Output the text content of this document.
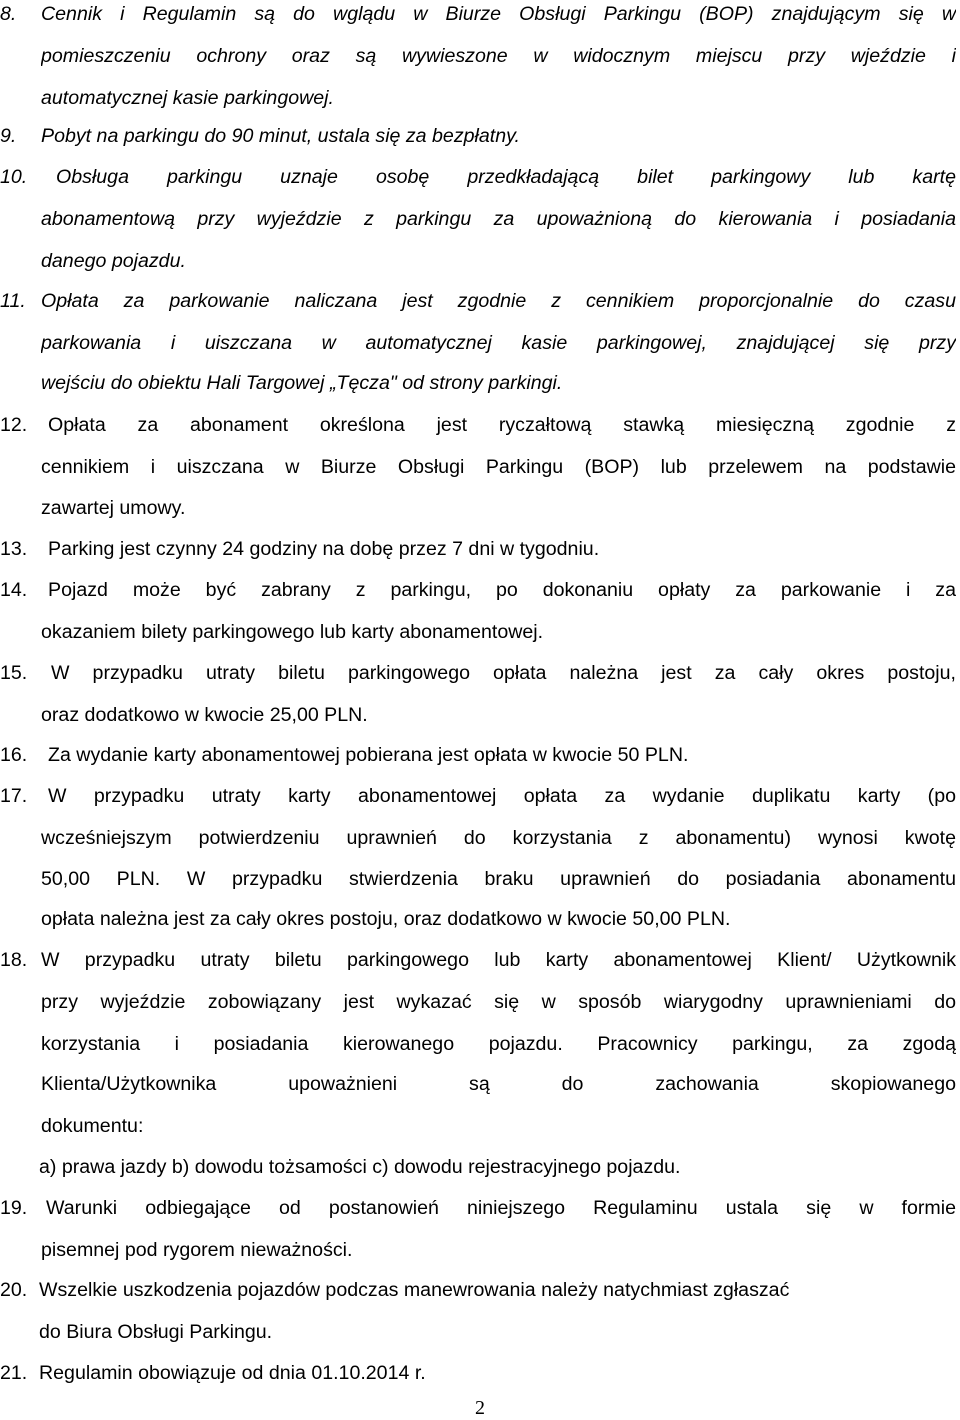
8. Cennik i Regulamin są do wglądu w Biurze Obsługi Parkingu (BOP) znajdującym się w
pomieszczeniu ochrony oraz są wywieszone w widocznym miejscu przy wjeździe i
automatycznej kasie parkingowej.
9. Pobyt na parkingu do 90 minut, ustala się za bezpłatny.
10. Obsługa parkingu uznaje osobę przedkładającą bilet parkingowy lub kartę
abonamentową przy wyjeździe z parkingu za upoważnioną do kierowania i posiadania
danego pojazdu.
11. Opłata za parkowanie naliczana jest zgodnie z cennikiem proporcjonalnie do czasu
parkowania i uiszczana w automatycznej kasie parkingowej, znajdującej się przy
wejściu do obiektu Hali Targowej „Tęcza" od strony parkingi.
12. Opłata za abonament określona jest ryczałtową stawką miesięczną zgodnie z
cennikiem i uiszczana w Biurze Obsługi Parkingu (BOP) lub przelewem na podstawie
zawartej umowy.
13. Parking jest czynny 24 godziny na dobę przez 7 dni w tygodniu.
14. Pojazd może być zabrany z parkingu, po dokonaniu opłaty za parkowanie i za
okazaniem bilety parkingowego lub karty abonamentowej.
15. W przypadku utraty biletu parkingowego opłata należna jest za cały okres postoju,
oraz dodatkowo w kwocie 25,00 PLN.
16. Za wydanie karty abonamentowej pobierana jest opłata w kwocie 50 PLN.
17. W przypadku utraty karty abonamentowej opłata za wydanie duplikatu karty (po
wcześniejszym potwierdzeniu uprawnień do korzystania z abonamentu) wynosi kwotę
50,00 PLN. W przypadku stwierdzenia braku uprawnień do posiadania abonamentu
opłata należna jest za cały okres postoju, oraz dodatkowo w kwocie 50,00 PLN.
18. W przypadku utraty biletu parkingowego lub karty abonamentowej Klient/ Użytkownik
przy wyjeździe zobowiązany jest wykazać się w sposób wiarygodny uprawnieniami do
korzystania i posiadania kierowanego pojazdu. Pracownicy parkingu, za zgodą
Klienta/Użytkownika upoważnieni są do zachowania skopiowanego
dokumentu:
a) prawa jazdy b) dowodu tożsamości c) dowodu rejestracyjnego pojazdu.
19. Warunki odbiegające od postanowień niniejszego Regulaminu ustala się w formie
pisemnej pod rygorem nieważności.
20. Wszelkie uszkodzenia pojazdów podczas manewrowania należy natychmiast zgłaszać
do Biura Obsługi Parkingu.
21. Regulamin obowiązuje od dnia 01.10.2014 r.
2
